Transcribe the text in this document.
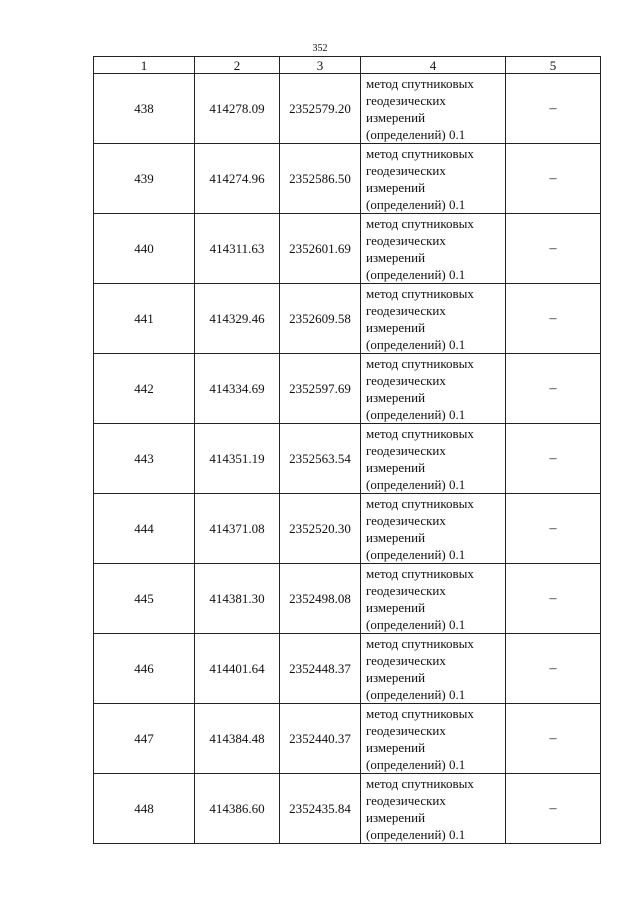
352
1	2	3	4	5
438	414278.09	2352579.20	метод спутниковых
геодезических
измерений
(определений) 0.1	–
439	414274.96	2352586.50	метод спутниковых
геодезических
измерений
(определений) 0.1	–
440	414311.63	2352601.69	метод спутниковых
геодезических
измерений
(определений) 0.1	–
441	414329.46	2352609.58	метод спутниковых
геодезических
измерений
(определений) 0.1	–
442	414334.69	2352597.69	метод спутниковых
геодезических
измерений
(определений) 0.1	–
443	414351.19	2352563.54	метод спутниковых
геодезических
измерений
(определений) 0.1	–
444	414371.08	2352520.30	метод спутниковых
геодезических
измерений
(определений) 0.1	–
445	414381.30	2352498.08	метод спутниковых
геодезических
измерений
(определений) 0.1	–
446	414401.64	2352448.37	метод спутниковых
геодезических
измерений
(определений) 0.1	–
447	414384.48	2352440.37	метод спутниковых
геодезических
измерений
(определений) 0.1	–
448	414386.60	2352435.84	метод спутниковых
геодезических
измерений
(определений) 0.1	–
